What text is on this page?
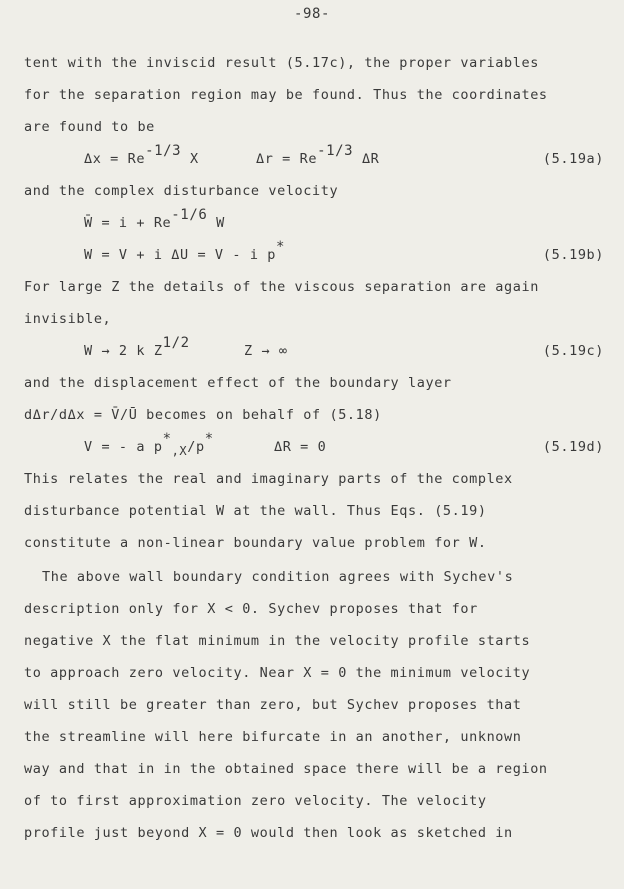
-98-
tent with the inviscid result (5.17c), the proper variables
for the separation region may be found. Thus the coordinates
are found to be
$\Delta x = Re^{-1/3}$ X	$\Delta r = Re^{-1/3}$ ΔR	(5.19a)
and the complex disturbance velocity
W̄ = $i + Re^{-1/6}$ W
W = V + i ΔU = V - i p*	(5.19b)
For large Z the details of the viscous separation are again
invisible,
W → 2 k $Z^{1/2}$	Z → ∞	(5.19c)
and the displacement effect of the boundary layer
dΔr/dΔx = V̄/Ū becomes on behalf of (5.18)
V = - a $p^*_{,X}/p^*$	ΔR = 0	(5.19d)
This relates the real and imaginary parts of the complex
disturbance potential W at the wall. Thus Eqs. (5.19)
constitute a non-linear boundary value problem for W.
The above wall boundary condition agrees with Sychev's
description only for X < 0. Sychev proposes that for
negative X the flat minimum in the velocity profile starts
to approach zero velocity. Near X = 0 the minimum velocity
will still be greater than zero, but Sychev proposes that
the streamline will here bifurcate in an another, unknown
way and that in in the obtained space there will be a region
of to first approximation zero velocity. The velocity
profile just beyond X = 0 would then look as sketched in
